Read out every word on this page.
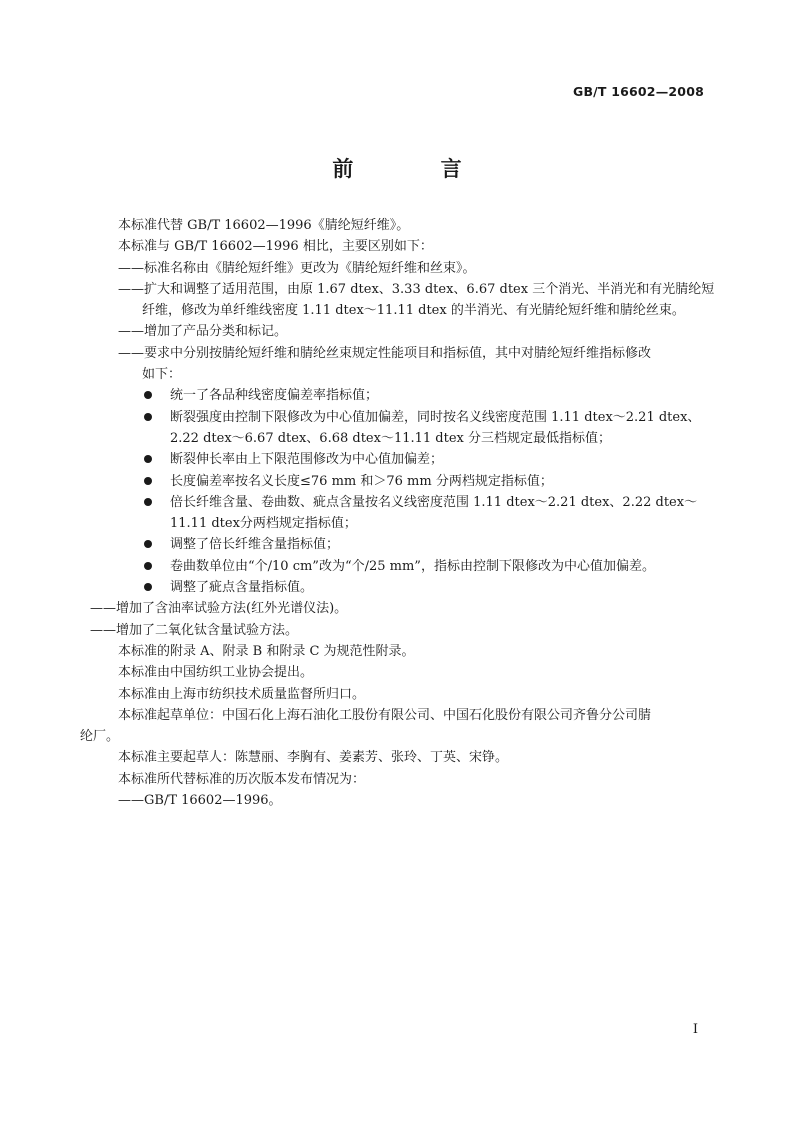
GB/T 16602—2008
前 言
本标准代替 GB/T 16602—1996《腈纶短纤维》。
本标准与 GB/T 16602—1996 相比，主要区别如下：
——标准名称由《腈纶短纤维》更改为《腈纶短纤维和丝束》。
——扩大和调整了适用范围，由原 1.67 dtex、3.33 dtex、6.67 dtex 三个消光、半消光和有光腈纶短
纤维，修改为单纤维线密度 1.11 dtex～11.11 dtex 的半消光、有光腈纶短纤维和腈纶丝束。
——增加了产品分类和标记。
——要求中分别按腈纶短纤维和腈纶丝束规定性能项目和指标值，其中对腈纶短纤维指标修改
如下：
统一了各品种线密度偏差率指标值；
断裂强度由控制下限修改为中心值加偏差，同时按名义线密度范围 1.11 dtex～2.21 dtex、
2.22 dtex～6.67 dtex、6.68 dtex～11.11 dtex 分三档规定最低指标值；
断裂伸长率由上下限范围修改为中心值加偏差；
长度偏差率按名义长度≤76 mm 和＞76 mm 分两档规定指标值；
倍长纤维含量、卷曲数、疵点含量按名义线密度范围 1.11 dtex～2.21 dtex、2.22 dtex～
11.11 dtex分两档规定指标值；
调整了倍长纤维含量指标值；
卷曲数单位由“个/10 cm”改为“个/25 mm”，指标由控制下限修改为中心值加偏差。
调整了疵点含量指标值。
——增加了含油率试验方法(红外光谱仪法)。
——增加了二氧化钛含量试验方法。
本标准的附录 A、附录 B 和附录 C 为规范性附录。
本标准由中国纺织工业协会提出。
本标准由上海市纺织技术质量监督所归口。
本标准起草单位：中国石化上海石油化工股份有限公司、中国石化股份有限公司齐鲁分公司腈
纶厂。
本标准主要起草人：陈慧丽、李胸有、姜素芳、张玲、丁英、宋铮。
本标准所代替标准的历次版本发布情况为：
——GB/T 16602—1996。
I
